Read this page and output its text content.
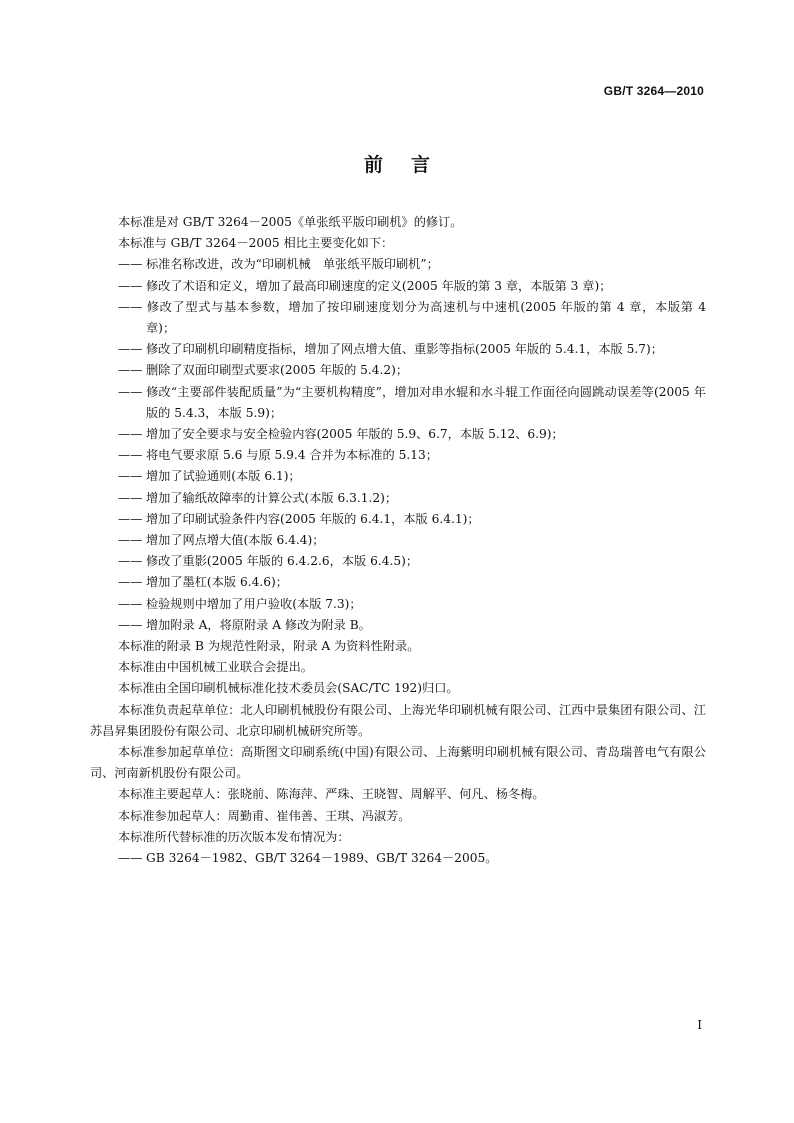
GB/T 3264—2010
前言

本标准是对 GB/T 3264－2005《单张纸平版印刷机》的修订。

本标准与 GB/T 3264－2005 相比主要变化如下：

—— 标准名称改进，改为“印刷机械　单张纸平版印刷机”；

—— 修改了术语和定义，增加了最高印刷速度的定义(2005 年版的第 3 章，本版第 3 章)；

—— 修改了型式与基本参数，增加了按印刷速度划分为高速机与中速机(2005 年版的第 4 章，本版第 4 章)；

—— 修改了印刷机印刷精度指标，增加了网点增大值、重影等指标(2005 年版的 5.4.1，本版 5.7)；

—— 删除了双面印刷型式要求(2005 年版的 5.4.2)；

—— 修改“主要部件装配质量”为“主要机构精度”，增加对串水辊和水斗辊工作面径向圆跳动误差等(2005 年版的 5.4.3，本版 5.9)；

—— 增加了安全要求与安全检验内容(2005 年版的 5.9、6.7，本版 5.12、6.9)；

—— 将电气要求原 5.6 与原 5.9.4 合并为本标准的 5.13；

—— 增加了试验通则(本版 6.1)；

—— 增加了输纸故障率的计算公式(本版 6.3.1.2)；

—— 增加了印刷试验条件内容(2005 年版的 6.4.1，本版 6.4.1)；

—— 增加了网点增大值(本版 6.4.4)；

—— 修改了重影(2005 年版的 6.4.2.6，本版 6.4.5)；

—— 增加了墨杠(本版 6.4.6)；

—— 检验规则中增加了用户验收(本版 7.3)；

—— 增加附录 A，将原附录 A 修改为附录 B。

本标准的附录 B 为规范性附录，附录 A 为资料性附录。

本标准由中国机械工业联合会提出。

本标准由全国印刷机械标准化技术委员会(SAC/TC 192)归口。

本标准负责起草单位：北人印刷机械股份有限公司、上海光华印刷机械有限公司、江西中景集团有限公司、江苏昌昇集团股份有限公司、北京印刷机械研究所等。

本标准参加起草单位：高斯图文印刷系统(中国)有限公司、上海紫明印刷机械有限公司、青岛瑞普电气有限公司、河南新机股份有限公司。

本标准主要起草人：张晓前、陈海萍、严珠、王晓智、周解平、何凡、杨冬梅。

本标准参加起草人：周勤甫、崔伟善、王琪、冯淑芳。

本标准所代替标准的历次版本发布情况为：

—— GB 3264－1982、GB/T 3264－1989、GB/T 3264－2005。

I
